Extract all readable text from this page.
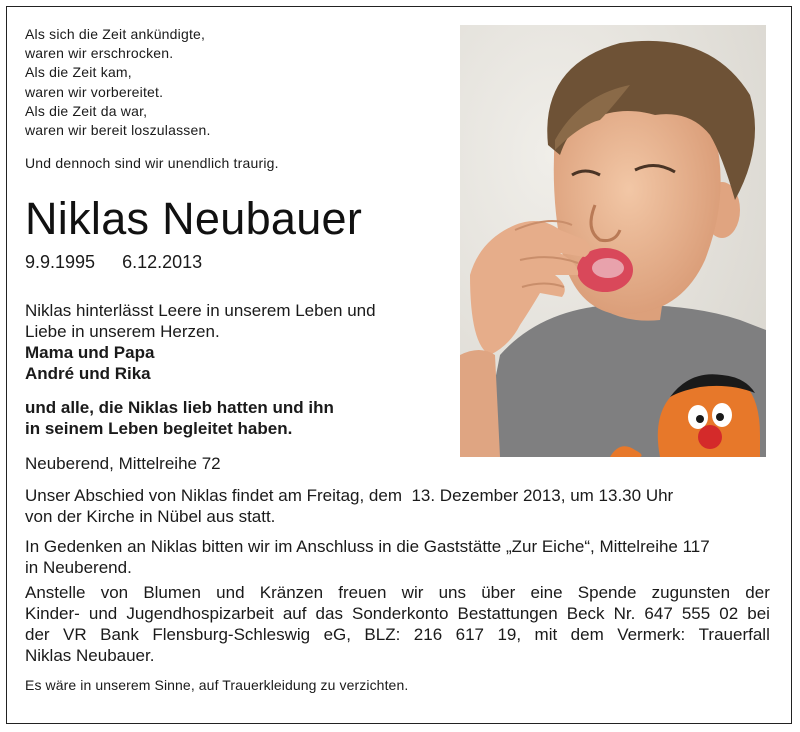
Als sich die Zeit ankündigte,
waren wir erschrocken.
Als die Zeit kam,
waren wir vorbereitet.
Als die Zeit da war,
waren wir bereit loszulassen.
Und dennoch sind wir unendlich traurig.
Niklas Neubauer
9.9.1995 6.12.2013
Niklas hinterlässt Leere in unserem Leben und
Liebe in unserem Herzen.
Mama und Papa
André und Rika
und alle, die Niklas lieb hatten und ihn
in seinem Leben begleitet haben.
Neuberend, Mittelreihe 72
Unser Abschied von Niklas findet am Freitag, dem  13. Dezember 2013, um 13.30 Uhr
von der Kirche in Nübel aus statt.
In Gedenken an Niklas bitten wir im Anschluss in die Gaststätte „Zur Eiche“, Mittelreihe 117
in Neuberend.
Anstelle von Blumen und Kränzen freuen wir uns über eine Spende zugunsten der
Kinder- und Jugendhospizarbeit auf das Sonderkonto Bestattungen Beck Nr. 647 555 02 bei
der VR Bank Flensburg-Schleswig eG, BLZ: 216 617 19, mit dem Vermerk: Trauerfall
Niklas Neubauer.
Es wäre in unserem Sinne, auf Trauerkleidung zu verzichten.
